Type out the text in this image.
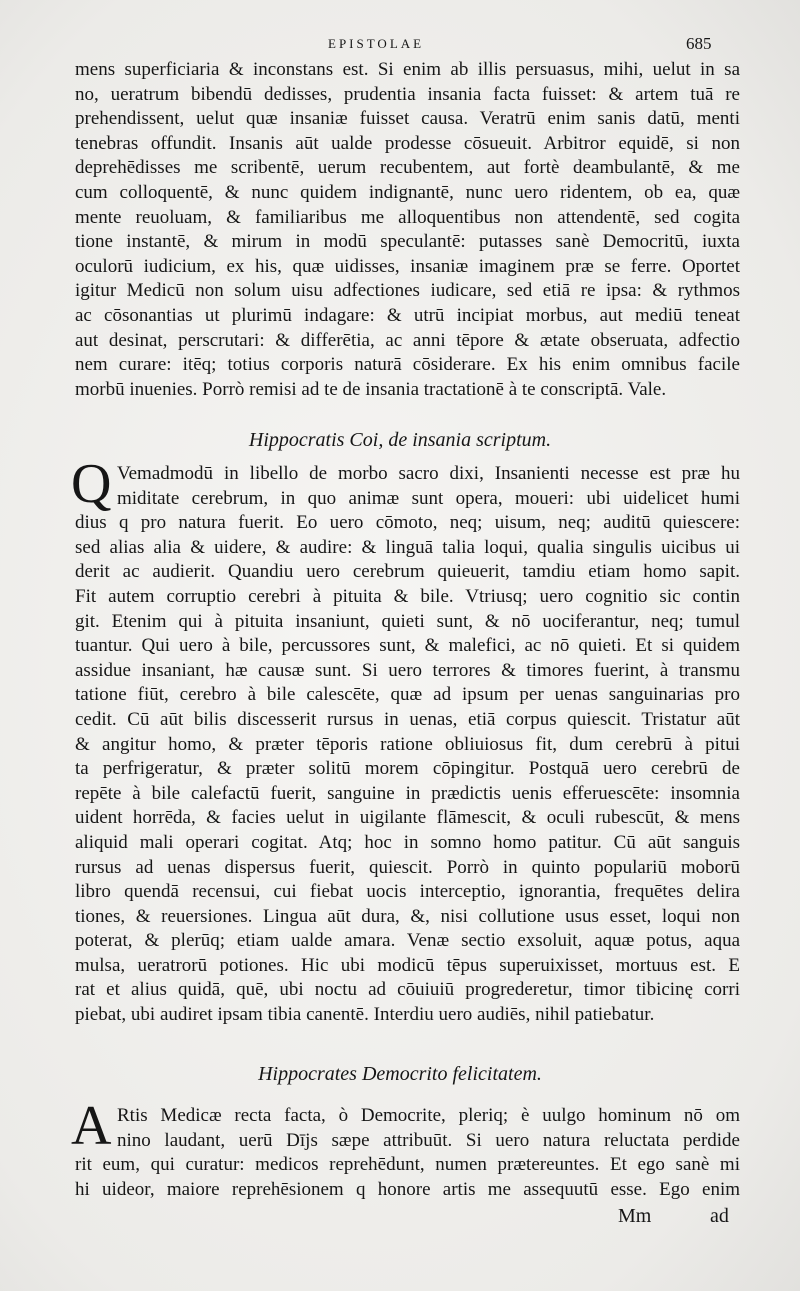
EPISTOLAE	685
mens superficiaria & inconstans est. Si enim ab illis persuasus, mihi, uelut in sa
no, ueratrum bibendū dedisses, prudentia insania facta fuisset: & artem tuā re
prehendissent, uelut quæ insaniæ fuisset causa. Veratrū enim sanis datū, menti
tenebras offundit. Insanis aūt ualde prodesse cōsueuit. Arbitror equidē, si non
deprehēdisses me scribentē, uerum recubentem, aut fortè deambulantē, & me
cum colloquentē, & nunc quidem indignantē, nunc uero ridentem, ob ea, quæ
mente reuoluam, & familiaribus me alloquentibus non attendentē, sed cogita
tione instantē, & mirum in modū speculantē: putasses sanè Democritū, iuxta
oculorū iudicium, ex his, quæ uidisses, insaniæ imaginem præ se ferre. Oportet
igitur Medicū non solum uisu adfectiones iudicare, sed etiā re ipsa: & rythmos
ac cōsonantias ut plurimū indagare: & utrū incipiat morbus, aut mediū teneat
aut desinat, perscrutari: & differētia, ac anni tēpore & ætate obseruata, adfectio
nem curare: itēq; totius corporis naturā cōsiderare. Ex his enim omnibus facile
morbū inuenies. Porrò remisi ad te de insania tractationē à te conscriptā. Vale.
Hippocratis Coi, de insania scriptum.
Q Vemadmodū in libello de morbo sacro dixi, Insanienti necesse est præ hu
miditate cerebrum, in quo animæ sunt opera, moueri: ubi uidelicet humi
dius q pro natura fuerit. Eo uero cōmoto, neq; uisum, neq; auditū quiescere:
sed alias alia & uidere, & audire: & linguā talia loqui, qualia singulis uicibus ui
derit ac audierit. Quandiu uero cerebrum quieuerit, tamdiu etiam homo sapit.
Fit autem corruptio cerebri à pituita & bile. Vtriusq; uero cognitio sic contin
git. Etenim qui à pituita insaniunt, quieti sunt, & nō uociferantur, neq; tumul
tuantur. Qui uero à bile, percussores sunt, & malefici, ac nō quieti. Et si quidem
assidue insaniant, hæ causæ sunt. Si uero terrores & timores fuerint, à transmu
tatione fiūt, cerebro à bile calescēte, quæ ad ipsum per uenas sanguinarias pro
cedit. Cū aūt bilis discesserit rursus in uenas, etiā corpus quiescit. Tristatur aūt
& angitur homo, & præter tēporis ratione obliuiosus fit, dum cerebrū à pitui
ta perfrigeratur, & præter solitū morem cōpingitur. Postquā uero cerebrū de
repēte à bile calefactū fuerit, sanguine in prædictis uenis efferuescēte: insomnia
uident horrēda, & facies uelut in uigilante flāmescit, & oculi rubescūt, & mens
aliquid mali operari cogitat. Atq; hoc in somno homo patitur. Cū aūt sanguis
rursus ad uenas dispersus fuerit, quiescit. Porrò in quinto populariū moborū
libro quendā recensui, cui fiebat uocis interceptio, ignorantia, frequētes delira
tiones, & reuersiones. Lingua aūt dura, &, nisi collutione usus esset, loqui non
poterat, & plerūq; etiam ualde amara. Venæ sectio exsoluit, aquæ potus, aqua
mulsa, ueratrorū potiones. Hic ubi modicū tēpus superuixisset, mortuus est. E
rat et alius quidā, quē, ubi noctu ad cōuiuiū progrederetur, timor tibicinę corri
piebat, ubi audiret ipsam tibia canentē. Interdiu uero audiēs, nihil patiebatur.
Hippocrates Democrito felicitatem.
A Rtis Medicæ recta facta, ò Democrite, pleriq; è uulgo hominum nō om
nino laudant, uerū Dījs sæpe attribuūt. Si uero natura reluctata perdide
rit eum, qui curatur: medicos reprehēdunt, numen prætereuntes. Et ego sanè mi
hi uideor, maiore reprehēsionem q honore artis me assequutū esse. Ego enim
Mm	ad
